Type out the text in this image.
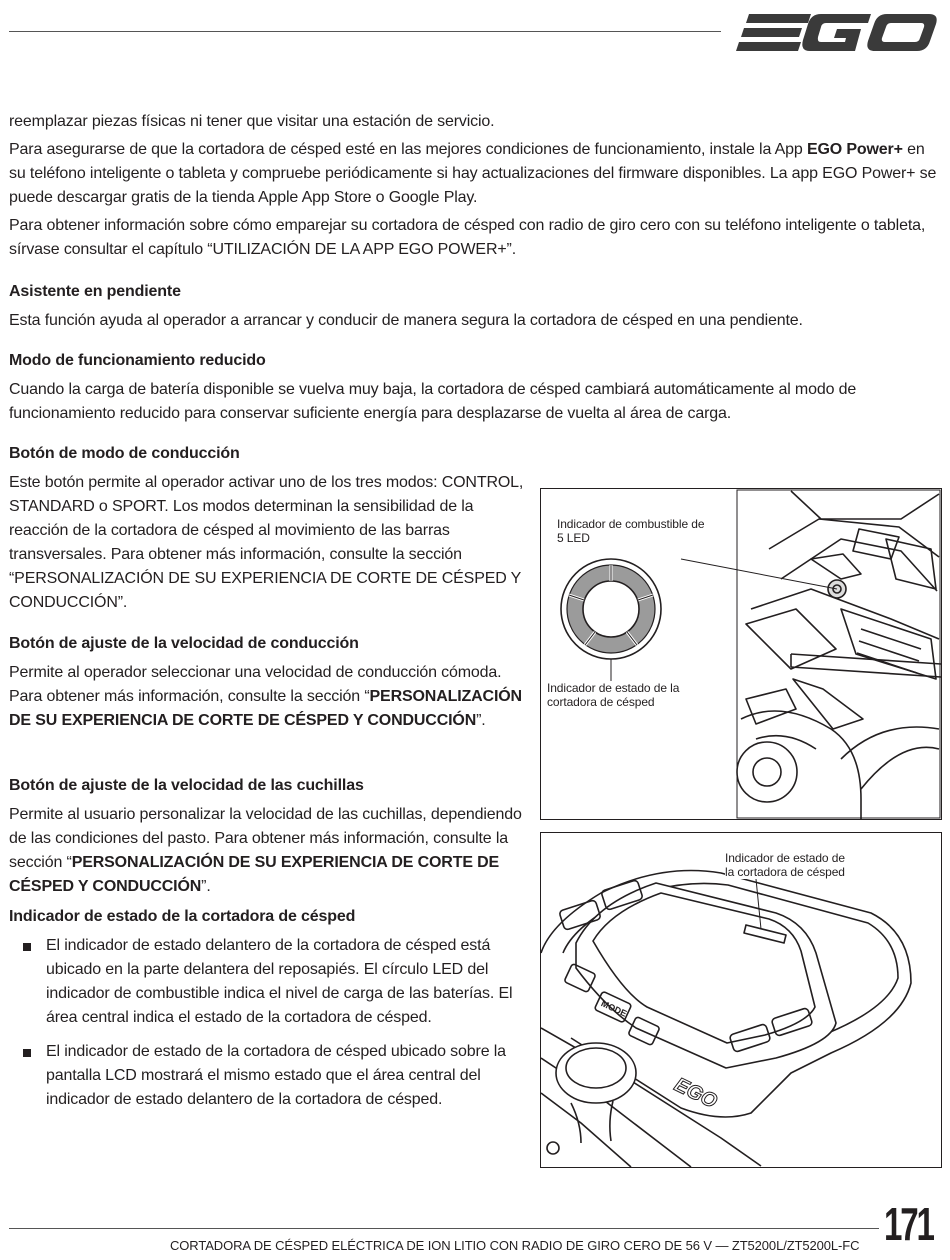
reemplazar piezas físicas ni tener que visitar una estación de servicio.

Para asegurarse de que la cortadora de césped esté en las mejores condiciones de funcionamiento, instale la App EGO Power+ en su teléfono inteligente o tableta y compruebe periódicamente si hay actualizaciones del firmware disponibles. La app EGO Power+ se puede descargar gratis de la tienda Apple App Store o Google Play.

Para obtener información sobre cómo emparejar su cortadora de césped con radio de giro cero con su teléfono inteligente o tableta, sírvase consultar el capítulo “UTILIZACIÓN DE LA APP EGO POWER+”.

Asistente en pendiente
Esta función ayuda al operador a arrancar y conducir de manera segura la cortadora de césped en una pendiente.
Modo de funcionamiento reducido
Cuando la carga de batería disponible se vuelva muy baja, la cortadora de césped cambiará automáticamente al modo de funcionamiento reducido para conservar suficiente energía para desplazarse de vuelta al área de carga.
Botón de modo de conducción
Este botón permite al operador activar uno de los tres modos: CONTROL, STANDARD o SPORT. Los modos determinan la sensibilidad de la reacción de la cortadora de césped al movimiento de las barras transversales. Para obtener más información, consulte la sección “PERSONALIZACIÓN DE SU EXPERIENCIA DE CORTE DE CÉSPED Y CONDUCCIÓN”.
Botón de ajuste de la velocidad de conducción
Permite al operador seleccionar una velocidad de conducción cómoda. Para obtener más información, consulte la sección “PERSONALIZACIÓN DE SU EXPERIENCIA DE CORTE DE CÉSPED Y CONDUCCIÓN”.
Botón de ajuste de la velocidad de las cuchillas
Permite al usuario personalizar la velocidad de las cuchillas, dependiendo de las condiciones del pasto. Para obtener más información, consulte la sección “PERSONALIZACIÓN DE SU EXPERIENCIA DE CORTE DE CÉSPED Y CONDUCCIÓN”.
Indicador de estado de la cortadora de césped
El indicador de estado delantero de la cortadora de césped está ubicado en la parte delantera del reposapiés. El círculo LED del indicador de combustible indica el nivel de carga de las baterías. El área central indica el estado de la cortadora de césped.
El indicador de estado de la cortadora de césped ubicado sobre la pantalla LCD mostrará el mismo estado que el área central del indicador de estado delantero de la cortadora de césped.
Indicador de combustible de 5 LED
Indicador de estado de la cortadora de césped
EGO
MODE
Indicador de estado de la cortadora de césped
CORTADORA DE CÉSPED ELÉCTRICA DE ION LITIO CON RADIO DE GIRO CERO DE 56 V — ZT5200L/ZT5200L-FC 171
